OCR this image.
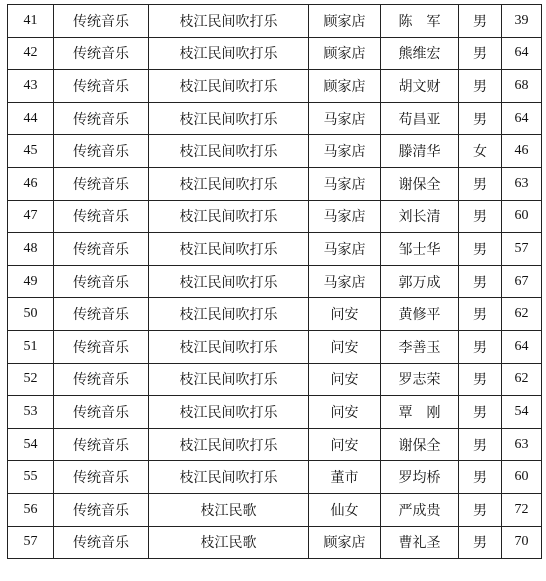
41	传统音乐	枝江民间吹打乐	顾家店	陈　军	男	39
42	传统音乐	枝江民间吹打乐	顾家店	熊维宏	男	64
43	传统音乐	枝江民间吹打乐	顾家店	胡文财	男	68
44	传统音乐	枝江民间吹打乐	马家店	苟昌亚	男	64
45	传统音乐	枝江民间吹打乐	马家店	滕清华	女	46
46	传统音乐	枝江民间吹打乐	马家店	谢保全	男	63
47	传统音乐	枝江民间吹打乐	马家店	刘长清	男	60
48	传统音乐	枝江民间吹打乐	马家店	邹士华	男	57
49	传统音乐	枝江民间吹打乐	马家店	郭万成	男	67
50	传统音乐	枝江民间吹打乐	问安	黄修平	男	62
51	传统音乐	枝江民间吹打乐	问安	李善玉	男	64
52	传统音乐	枝江民间吹打乐	问安	罗志荣	男	62
53	传统音乐	枝江民间吹打乐	问安	覃　刚	男	54
54	传统音乐	枝江民间吹打乐	问安	谢保全	男	63
55	传统音乐	枝江民间吹打乐	董市	罗均桥	男	60
56	传统音乐	枝江民歌	仙女	严成贵	男	72
57	传统音乐	枝江民歌	顾家店	曹礼圣	男	70
